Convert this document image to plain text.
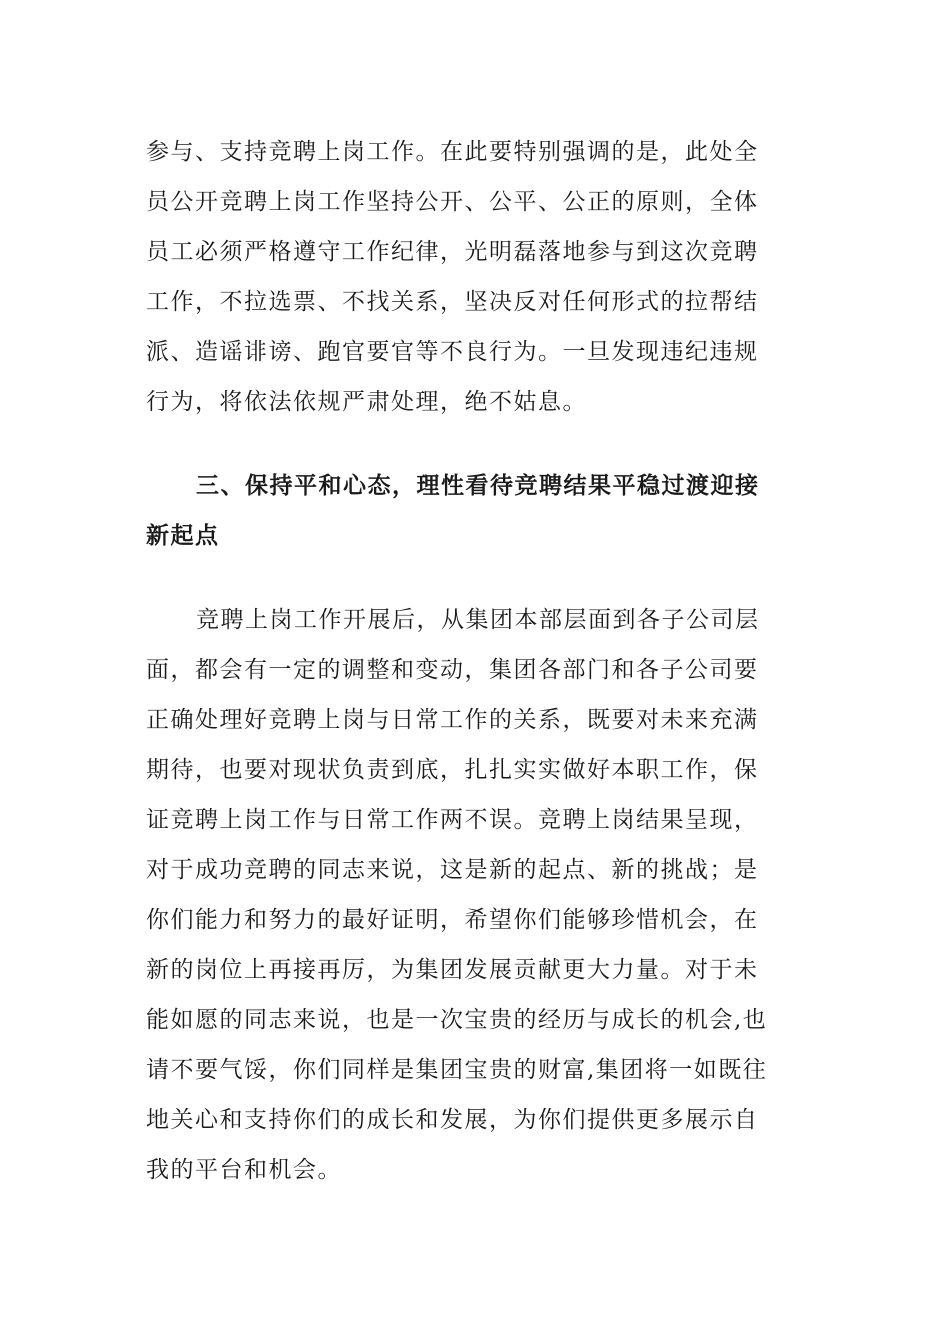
参与、支持竞聘上岗工作。在此要特别强调的是，此处全
员公开竞聘上岗工作坚持公开、公平、公正的原则，全体
员工必须严格遵守工作纪律，光明磊落地参与到这次竞聘
工作，不拉选票、不找关系，坚决反对任何形式的拉帮结
派、造谣诽谤、跑官要官等不良行为。一旦发现违纪违规
行为，将依法依规严肃处理，绝不姑息。
三、保持平和心态，理性看待竞聘结果平稳过渡迎接
新起点
竞聘上岗工作开展后，从集团本部层面到各子公司层
面，都会有一定的调整和变动，集团各部门和各子公司要
正确处理好竞聘上岗与日常工作的关系，既要对未来充满
期待，也要对现状负责到底，扎扎实实做好本职工作，保
证竞聘上岗工作与日常工作两不误。竞聘上岗结果呈现，
对于成功竞聘的同志来说，这是新的起点、新的挑战；是
你们能力和努力的最好证明，希望你们能够珍惜机会，在
新的岗位上再接再厉，为集团发展贡献更大力量。对于未
能如愿的同志来说，也是一次宝贵的经历与成长的机会,也
请不要气馁，你们同样是集团宝贵的财富,集团将一如既往
地关心和支持你们的成长和发展，为你们提供更多展示自
我的平台和机会。
